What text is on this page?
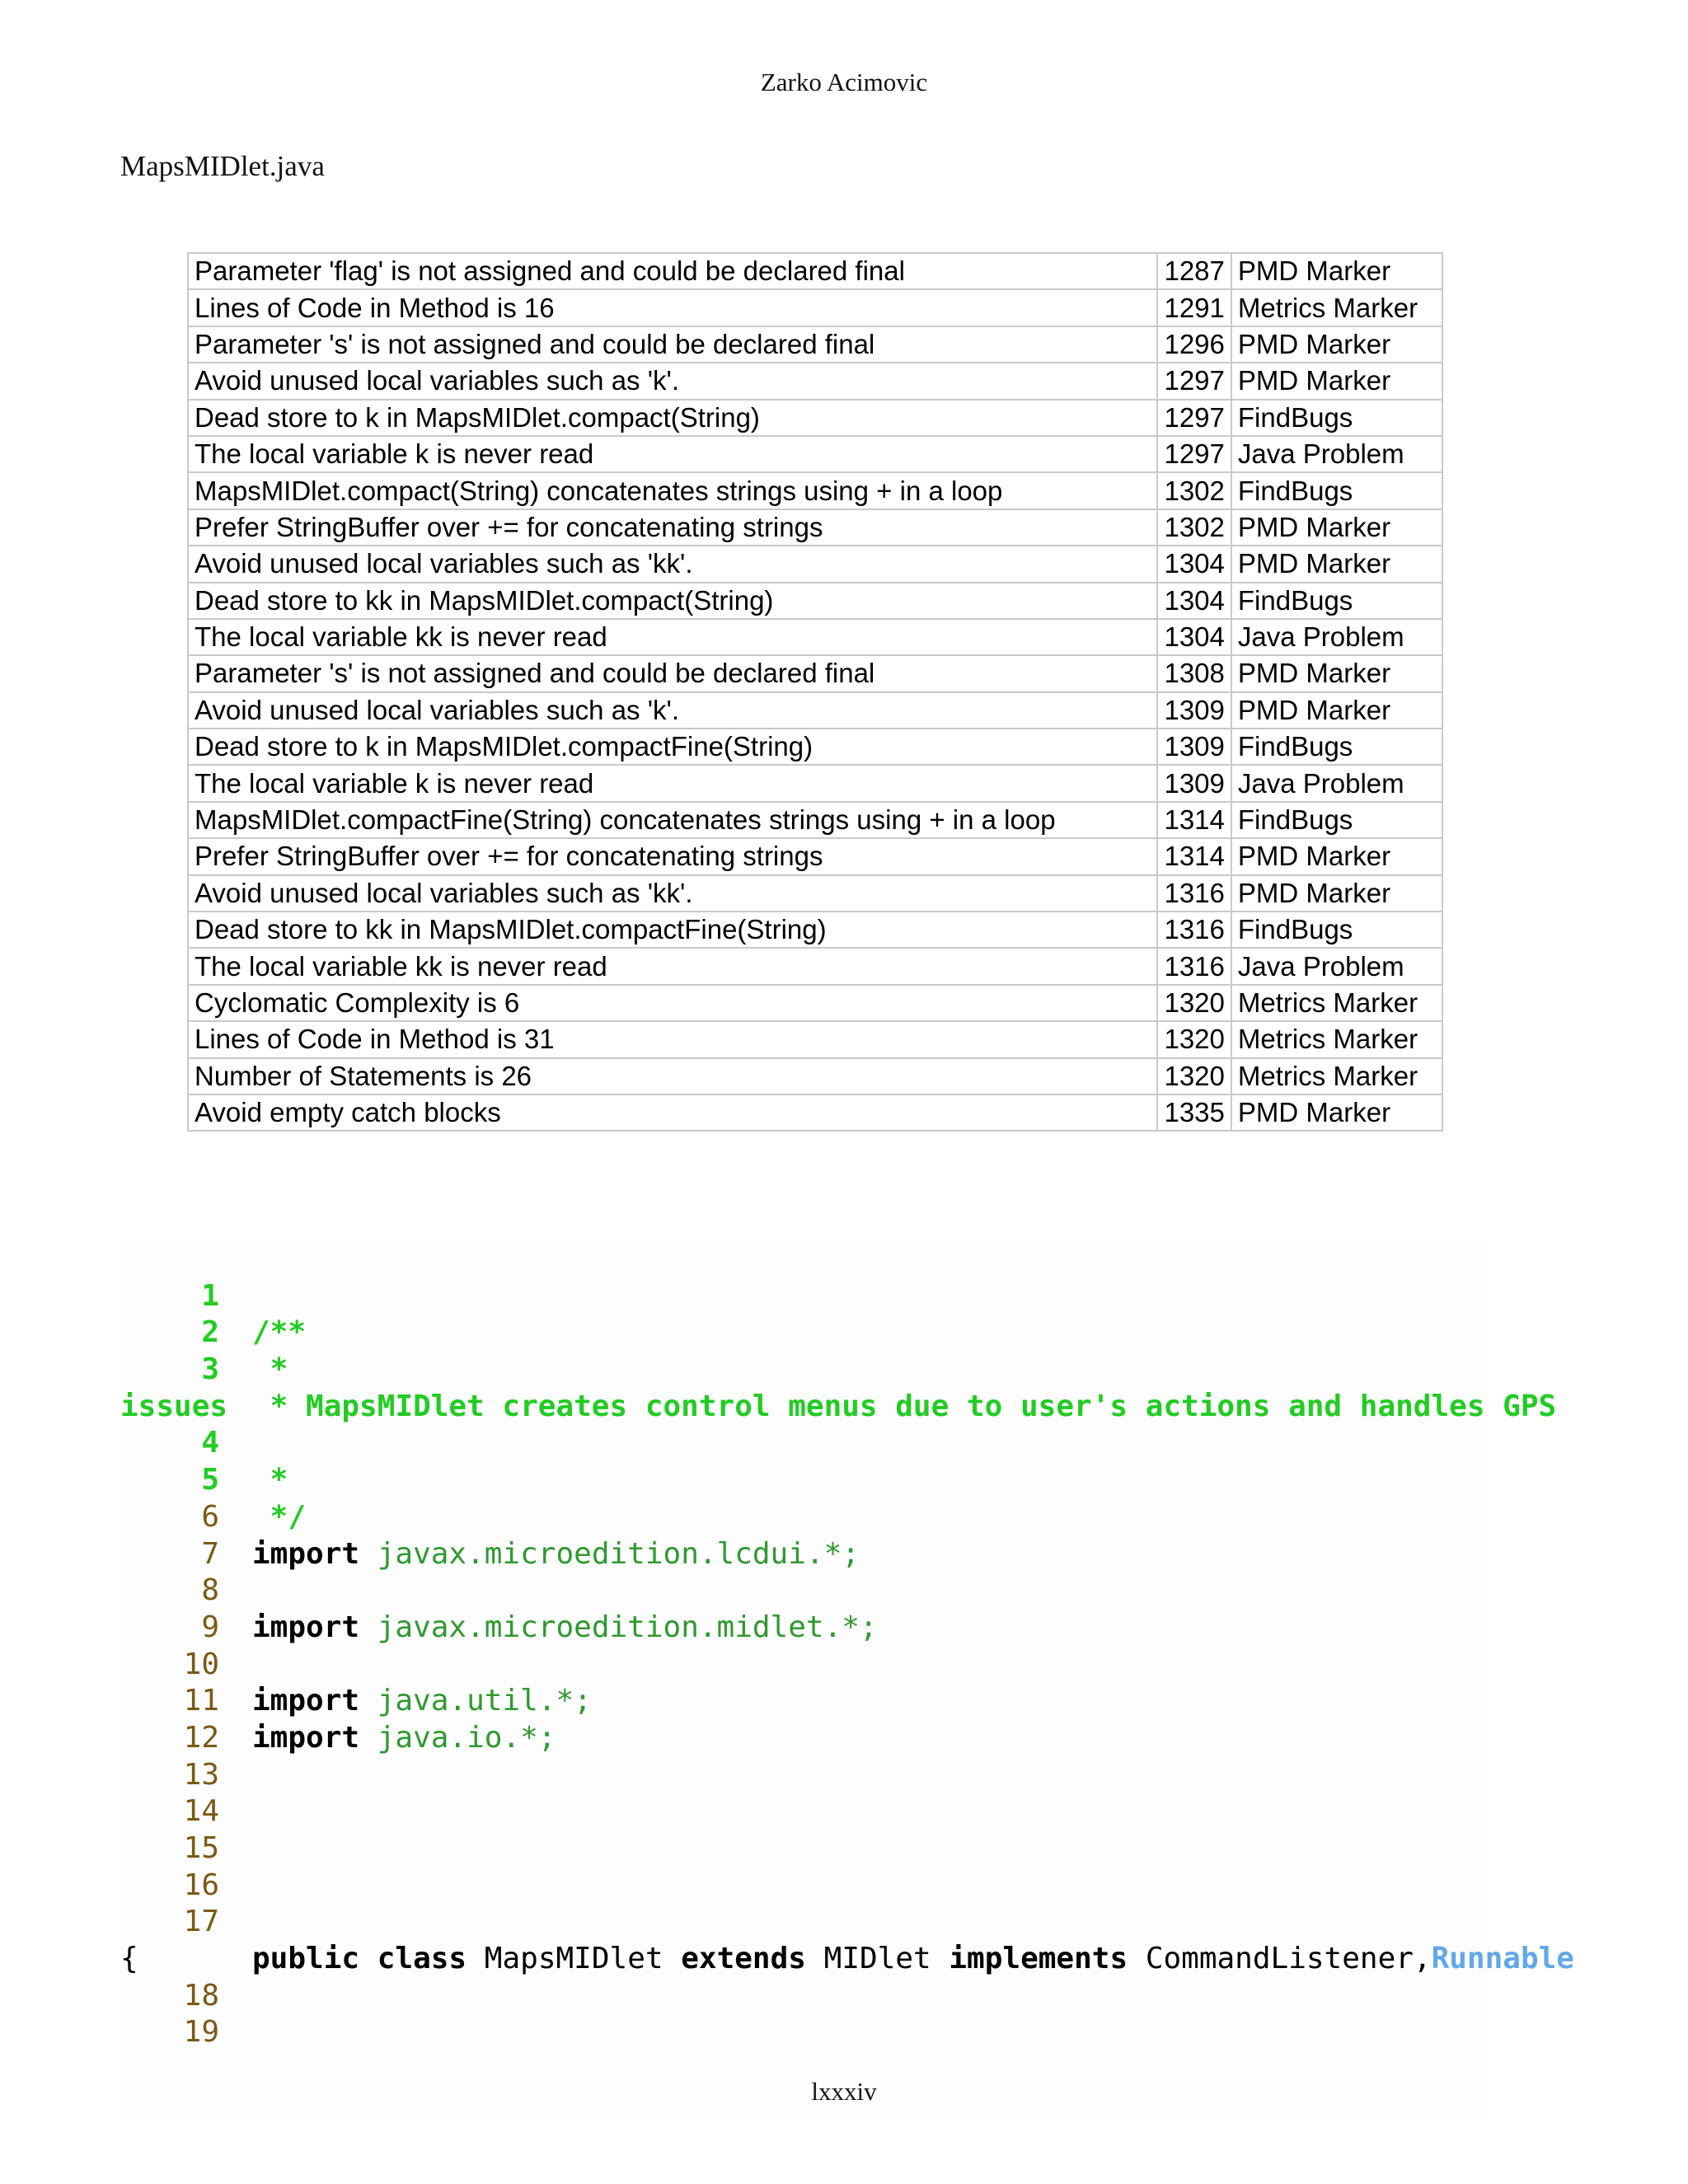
Zarko Acimovic
MapsMIDlet.java
Parameter 'flag' is not assigned and could be declared final	1287	PMD Marker
Lines of Code in Method is 16	1291	Metrics Marker
Parameter 's' is not assigned and could be declared final	1296	PMD Marker
Avoid unused local variables such as 'k'.	1297	PMD Marker
Dead store to k in MapsMIDlet.compact(String)	1297	FindBugs
The local variable k is never read	1297	Java Problem
MapsMIDlet.compact(String) concatenates strings using + in a loop	1302	FindBugs
Prefer StringBuffer over += for concatenating strings	1302	PMD Marker
Avoid unused local variables such as 'kk'.	1304	PMD Marker
Dead store to kk in MapsMIDlet.compact(String)	1304	FindBugs
The local variable kk is never read	1304	Java Problem
Parameter 's' is not assigned and could be declared final	1308	PMD Marker
Avoid unused local variables such as 'k'.	1309	PMD Marker
Dead store to k in MapsMIDlet.compactFine(String)	1309	FindBugs
The local variable k is never read	1309	Java Problem
MapsMIDlet.compactFine(String) concatenates strings using + in a loop	1314	FindBugs
Prefer StringBuffer over += for concatenating strings	1314	PMD Marker
Avoid unused local variables such as 'kk'.	1316	PMD Marker
Dead store to kk in MapsMIDlet.compactFine(String)	1316	FindBugs
The local variable kk is never read	1316	Java Problem
Cyclomatic Complexity is 6	1320	Metrics Marker
Lines of Code in Method is 31	1320	Metrics Marker
Number of Statements is 26	1320	Metrics Marker
Avoid empty catch blocks	1335	PMD Marker

1

/**

2

*

3

* MapsMIDlet creates control menus due to user's actions and handles GPS

issues

4

*

5

*/

6

import javax.microedition.lcdui.*;

7

8

import javax.microedition.midlet.*;

9

10

import java.util.*;

11

import java.io.*;

12

13

14

15

16

17

public class MapsMIDlet extends MIDlet implements CommandListener,Runnable

{

18

19

lxxxiv
